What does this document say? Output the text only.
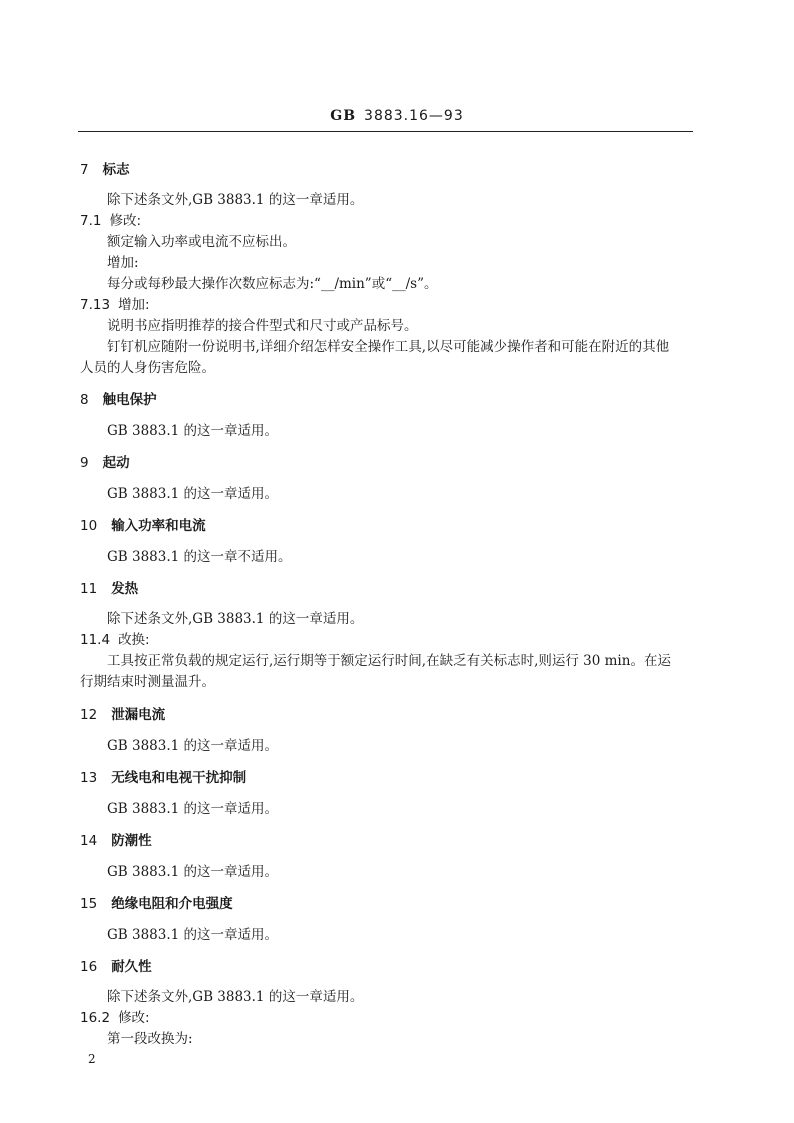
GB 3883.16—93
7 标志
除下述条文外,GB 3883.1 的这一章适用。
7.1 修改:
额定输入功率或电流不应标出。
增加:
每分或每秒最大操作次数应标志为:“__/min”或“__/s”。
7.13 增加:
说明书应指明推荐的接合件型式和尺寸或产品标号。
钉钉机应随附一份说明书,详细介绍怎样安全操作工具,以尽可能减少操作者和可能在附近的其他
人员的人身伤害危险。
8 触电保护
GB 3883.1 的这一章适用。
9 起动
GB 3883.1 的这一章适用。
10 输入功率和电流
GB 3883.1 的这一章不适用。
11 发热
除下述条文外,GB 3883.1 的这一章适用。
11.4 改换:
工具按正常负载的规定运行,运行期等于额定运行时间,在缺乏有关标志时,则运行 30 min。在运
行期结束时测量温升。
12 泄漏电流
GB 3883.1 的这一章适用。
13 无线电和电视干扰抑制
GB 3883.1 的这一章适用。
14 防潮性
GB 3883.1 的这一章适用。
15 绝缘电阻和介电强度
GB 3883.1 的这一章适用。
16 耐久性
除下述条文外,GB 3883.1 的这一章适用。
16.2 修改:
第一段改换为:
2
